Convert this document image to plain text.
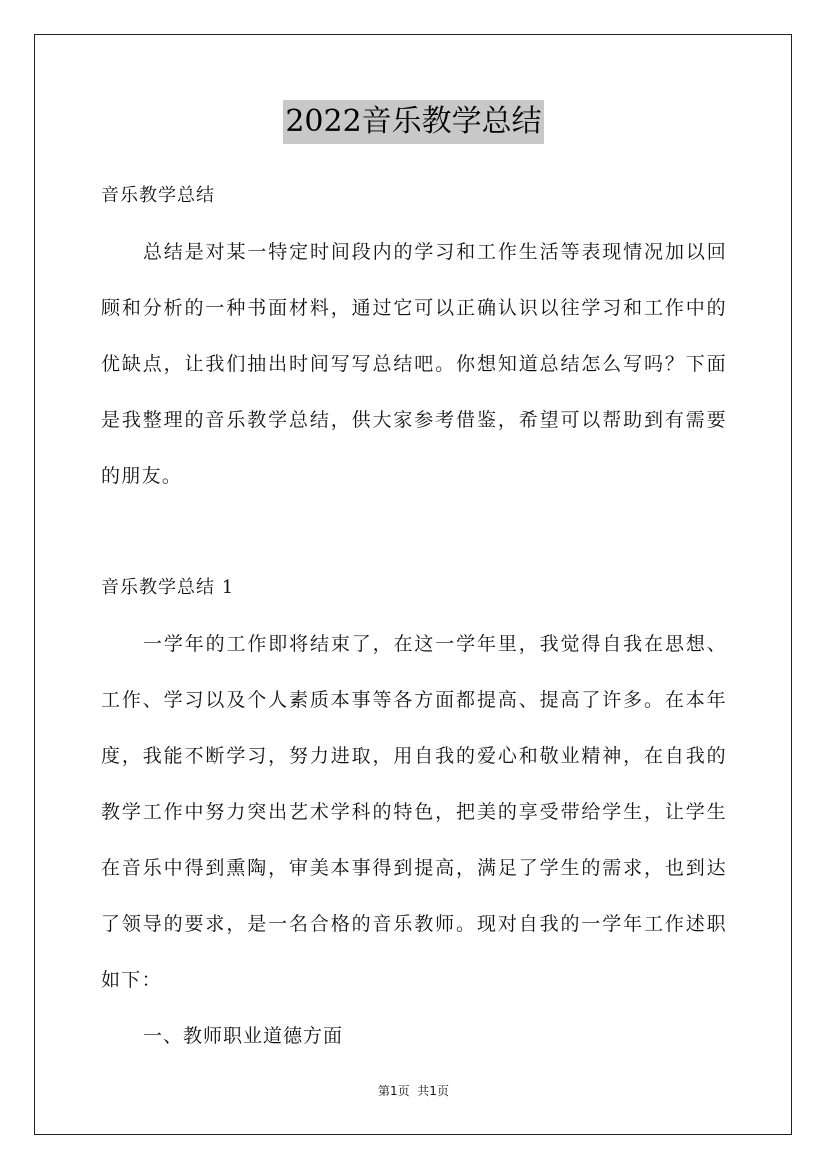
2022音乐教学总结

音乐教学总结

总结是对某一特定时间段内的学习和工作生活等表现情况加以回顾和分析的一种书面材料，通过它可以正确认识以往学习和工作中的优缺点，让我们抽出时间写写总结吧。你想知道总结怎么写吗？下面是我整理的音乐教学总结，供大家参考借鉴，希望可以帮助到有需要的朋友。

音乐教学总结 1

一学年的工作即将结束了，在这一学年里，我觉得自我在思想、工作、学习以及个人素质本事等各方面都提高、提高了许多。在本年度，我能不断学习，努力进取，用自我的爱心和敬业精神，在自我的教学工作中努力突出艺术学科的特色，把美的享受带给学生，让学生在音乐中得到熏陶，审美本事得到提高，满足了学生的需求，也到达了领导的要求，是一名合格的音乐教师。现对自我的一学年工作述职如下：

一、教师职业道德方面

第1页  共1页
